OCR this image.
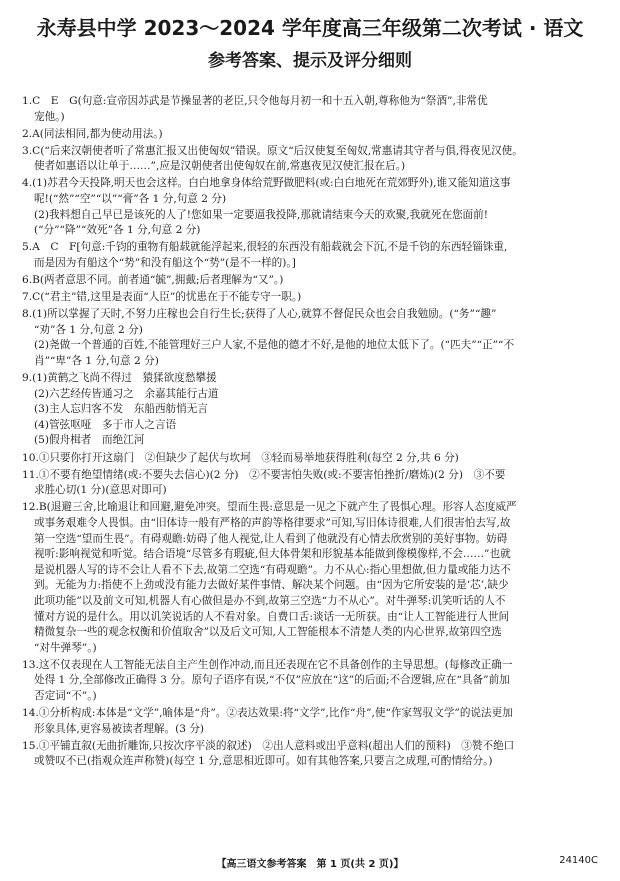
永寿县中学 2023～2024 学年度高三年级第二次考试 · 语文
参考答案、提示及评分细则
1.C　E　G(句意:宣帝因苏武是节操显著的老臣,只令他每月初一和十五入朝,尊称他为“祭酒”,非常优
宠他。)
2.A(同法相同,都为使动用法。)
3.C(“后来汉朝使者听了常惠汇报又出使匈奴”错误。原文“后汉使复至匈奴,常惠请其守者与俱,得夜见汉使。
使者如惠语以让单于……”,应是汉朝使者出使匈奴在前,常惠夜见汉使汇报在后。)
4.(1)苏君今天投降,明天也会这样。白白地拿身体给荒野做肥料(或:白白地死在荒郊野外),谁又能知道这事
呢!(“然”“空”“以”“膏”各 1 分,句意 2 分)
(2)我料想自己早已是该死的人了!您如果一定要逼我投降,那就请结束今天的欢聚,我就死在您面前!
(“分”“降”“效死”各 1 分,句意 2 分)
5.A　C　F[句意:千钧的重物有船载就能浮起来,很轻的东西没有船载就会下沉,不是千钧的东西轻锱铢重,
而是因为有船这个“势”和没有船这个“势”(是不一样的)。]
6.B(两者意思不同。前者通“毓”,拥戴;后者理解为“又”。)
7.C(“君主”错,这里是表面“人臣”的忧患在于不能专守一职。)
8.(1)所以掌握了天时,不努力庄稼也会自行生长;获得了人心,就算不督促民众也会自我勉励。(“务”“趣”
“劝”各 1 分,句意 2 分)
(2)尧做一个普通的百姓,不能管理好三户人家,不是他的德才不好,是他的地位太低下了。(“匹夫”“正”“不
肖”“卑”各 1 分,句意 2 分)
9.(1)黄鹤之飞尚不得过　猿猱欲度愁攀援
(2)六艺经传皆通习之　余嘉其能行古道
(3)主人忘归客不发　东船西舫悄无言
(4)管弦呕哑　多于市人之言语
(5)假舟楫者　而绝江河
10.①只要你打开这扇门　②但缺少了起伏与坎坷　③轻而易举地获得胜利(每空 2 分,共 6 分)
11.①不要有绝望情绪(或:不要失去信心)(2 分)　②不要害怕失败(或:不要害怕挫折/磨炼)(2 分)　③不要
求胜心切(1 分)(意思对即可)
12.B(退避三舍,比喻退让和回避,避免冲突。望而生畏:意思是一见之下就产生了畏惧心理。形容人态度威严
或事务艰难令人畏惧。由“旧体诗一般有严格的声韵等格律要求”可知,写旧体诗很难,人们很害怕去写,故
第一空选“望而生畏”。有碍观瞻:妨碍了他人视觉,让人看到了他就没有心情去欣赏别的美好事物。妨碍
视听:影响视觉和听觉。结合语境“尽管多有瑕疵,但大体骨架和形貌基本能做到像模像样,不会……”也就
是说机器人写的诗不会让人看不下去,故第二空选“有碍观瞻”。力不从心:指心里想做,但力量或能力达不
到。无能为力:指使不上劲或没有能力去做好某件事情、解决某个问题。由“因为它所安装的是‘芯’,缺少
此项功能”以及前文可知,机器人有心做但是办不到,故第三空选“力不从心”。对牛弹琴:讥笑听话的人不
懂对方说的是什么。用以讥笑说话的人不看对象。自费口舌:谈话一无所获。由“让人工智能进行人世间
精微复杂一些的观念权衡和价值取舍”以及后文可知,人工智能根本不清楚人类的内心世界,故第四空选
“对牛弹琴”。)
13.这不仅表现在人工智能无法自主产生创作冲动,而且还表现在它不具备创作的主导思想。(每修改正确一
处得 1 分,全部修改正确得 3 分。原句子语序有误,“不仅”应放在“这”的后面;不合逻辑,应在“具备”前加
否定词“不”。)
14.①分析构成:本体是“文学”,喻体是“舟”。②表达效果:将“文学”,比作“舟”,使“作家驾驭文学”的说法更加
形象具体,更容易被读者理解。(3 分)
15.①平铺直叙(无曲折雕饰,只按次序平淡的叙述)　②出人意料或出乎意料(超出人们的预料)　③赞不绝口
或赞叹不已(指观众连声称赞)(每空 1 分,意思相近即可。如有其他答案,只要言之成理,可酌情给分。)
【高三语文参考答案　第 1 页(共 2 页)】	24140C
